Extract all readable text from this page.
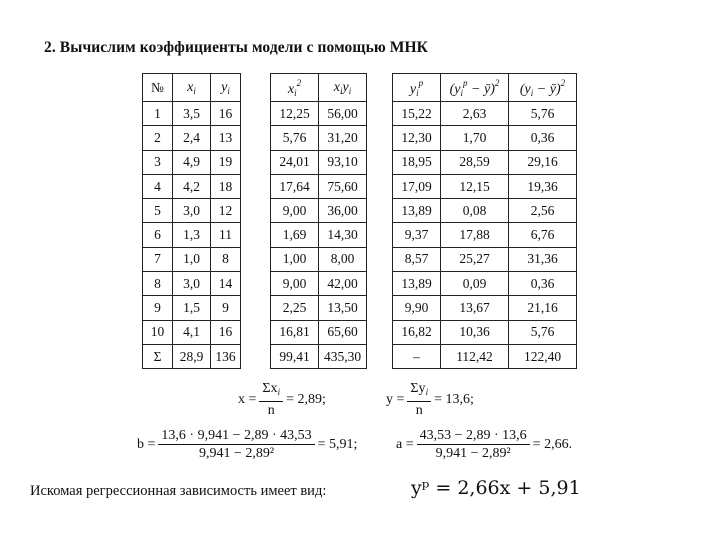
2. Вычислим коэффициенты модели с помощью МНК
№	$x_i$	$y_i$
1	3,5	16
2	2,4	13
3	4,9	19
4	4,2	18
5	3,0	12
6	1,3	11
7	1,0	8
8	3,0	14
9	1,5	9
10	4,1	16
Σ	28,9	136
$x_i^2$	$x_iy_i$
12,25	56,00
5,76	31,20
24,01	93,10
17,64	75,60
9,00	36,00
1,69	14,30
1,00	8,00
9,00	42,00
2,25	13,50
16,81	65,60
99,41	435,30
$y_i^p$	($y_i^p$ − ȳ)$^2$	($y_i$ − ȳ)$^2$
15,22	2,63	5,76
12,30	1,70	0,36
18,95	28,59	29,16
17,09	12,15	19,36
13,89	0,08	2,56
9,37	17,88	6,76
8,57	25,27	31,36
13,89	0,09	0,36
9,90	13,67	21,16
16,82	10,36	5,76
–	112,42	122,40
$x = \frac{\Sigma x_i}{n} = 2,89$;	$y = \frac{\Sigma y_i}{n} = 13,6$;
$b = \frac{13,6 \cdot 9,941 - 2,89 \cdot 43,53}{\text{9,941 − 2,89²}} = 5,91$;	$a = \frac{43,53 - 2,89 \cdot 13,6}{\text{9,941 − 2,89²}} = 2,66$.
Искомая регрессионная зависимость имеет вид:	yᵖ = 2,66x + 5,91
